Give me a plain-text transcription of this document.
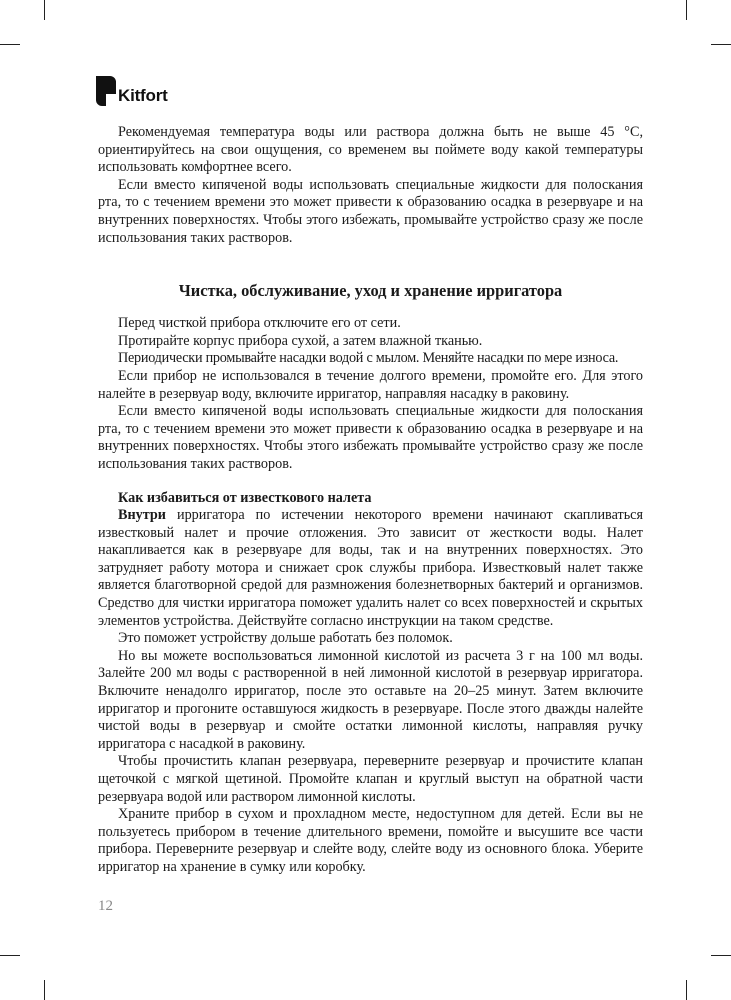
Kitfort

Рекомендуемая температура воды или раствора должна быть не выше 45 °С, ориентируйтесь на свои ощущения, со временем вы поймете воду какой температуры использовать комфортнее всего.

Если вместо кипяченой воды использовать специальные жидкости для полоскания рта, то с течением времени это может привести к образованию осадка в резервуаре и на внутренних поверхностях. Чтобы этого избежать, промывайте устройство сразу же после использования таких растворов.

Чистка, обслуживание, уход и хранение ирригатора

Перед чисткой прибора отключите его от сети.

Протирайте корпус прибора сухой, а затем влажной тканью.

Периодически промывайте насадки водой с мылом. Меняйте насадки по мере износа.

Если прибор не использовался в течение долгого времени, промойте его. Для этого налейте в резервуар воду, включите ирригатор, направляя насадку в раковину.

Если вместо кипяченой воды использовать специальные жидкости для полоскания рта, то с течением времени это может привести к образованию осадка в резервуаре и на внутренних поверхностях. Чтобы этого избежать промывайте устройство сразу же после использования таких растворов.

Как избавиться от известкового налета

Внутри ирригатора по истечении некоторого времени начинают скапливаться известковый налет и прочие отложения. Это зависит от жесткости воды. Налет накапливается как в резервуаре для воды, так и на внутренних поверхностях. Это затрудняет работу мотора и снижает срок службы прибора. Известковый налет также является благотворной средой для размножения болезнетворных бактерий и организмов. Средство для чистки ирригатора поможет удалить налет со всех поверхностей и скрытых элементов устройства. Действуйте согласно инструкции на таком средстве.

Это поможет устройству дольше работать без поломок.

Но вы можете воспользоваться лимонной кислотой из расчета 3 г на 100 мл воды. Залейте 200 мл воды с растворенной в ней лимонной кислотой в резервуар ирригатора. Включите ненадолго ирригатор, после это оставьте на 20–25 минут. Затем включите ирригатор и прогоните оставшуюся жидкость в резервуаре. После этого дважды налейте чистой воды в резервуар и смойте остатки лимонной кислоты, направляя ручку ирригатора с насадкой в раковину.

Чтобы прочистить клапан резервуара, переверните резервуар и прочистите клапан щеточкой с мягкой щетиной. Промойте клапан и круглый выступ на обратной части резервуара водой или раствором лимонной кислоты.

Храните прибор в сухом и прохладном месте, недоступном для детей. Если вы не пользуетесь прибором в течение длительного времени, помойте и высушите все части прибора. Переверните резервуар и слейте воду, слейте воду из основного блока. Уберите ирригатор на хранение в сумку или коробку.

12
